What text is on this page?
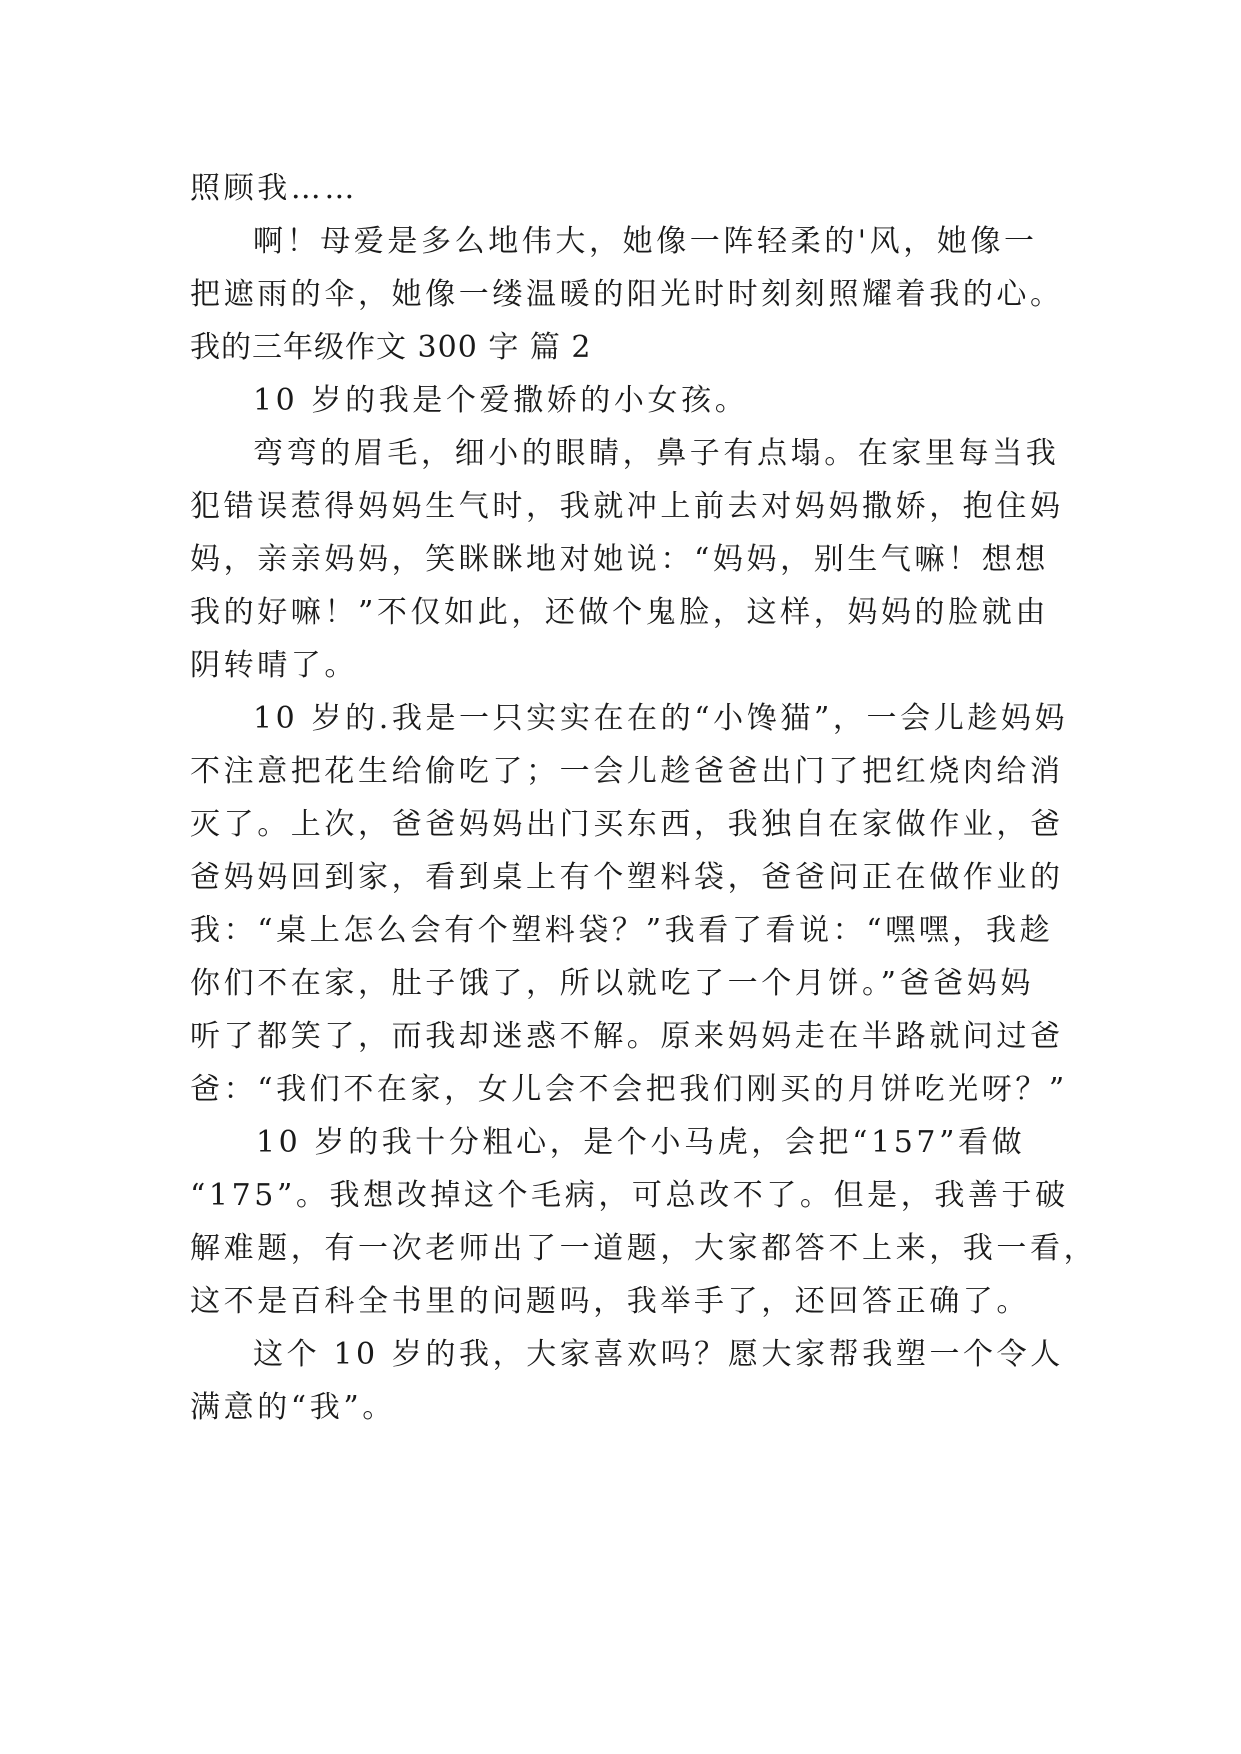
照顾我……
啊！母爱是多么地伟大，她像一阵轻柔的'风，她像一
把遮雨的伞，她像一缕温暖的阳光时时刻刻照耀着我的心。
我的三年级作文 300 字 篇 2
10 岁的我是个爱撒娇的小女孩。
弯弯的眉毛，细小的眼睛，鼻子有点塌。在家里每当我
犯错误惹得妈妈生气时，我就冲上前去对妈妈撒娇，抱住妈
妈，亲亲妈妈，笑眯眯地对她说：“妈妈，别生气嘛！想想
我的好嘛！”不仅如此，还做个鬼脸，这样，妈妈的脸就由
阴转晴了。
10 岁的.我是一只实实在在的“小馋猫”，一会儿趁妈妈
不注意把花生给偷吃了；一会儿趁爸爸出门了把红烧肉给消
灭了。上次，爸爸妈妈出门买东西，我独自在家做作业，爸
爸妈妈回到家，看到桌上有个塑料袋，爸爸问正在做作业的
我：“桌上怎么会有个塑料袋？”我看了看说：“嘿嘿，我趁
你们不在家，肚子饿了，所以就吃了一个月饼。”爸爸妈妈
听了都笑了，而我却迷惑不解。原来妈妈走在半路就问过爸
爸：“我们不在家，女儿会不会把我们刚买的月饼吃光呀？”
10 岁的我十分粗心，是个小马虎，会把“157”看做
“175”。我想改掉这个毛病，可总改不了。但是，我善于破
解难题，有一次老师出了一道题，大家都答不上来，我一看，
这不是百科全书里的问题吗，我举手了，还回答正确了。
这个 10 岁的我，大家喜欢吗？愿大家帮我塑一个令人
满意的“我”。
